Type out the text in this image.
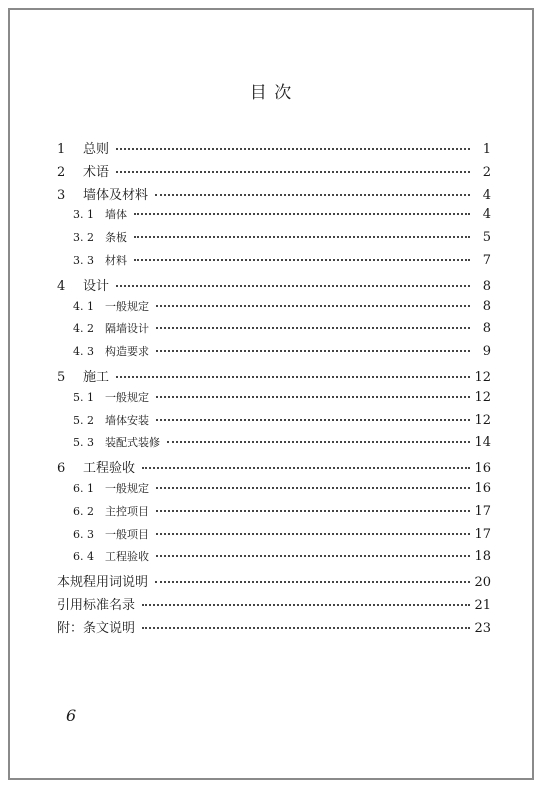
目 次
1	总则	1
2	术语	2
3	墙体及材料	4
3. 1	墙体	4
3. 2	条板	5
3. 3	材料	7
4	设计	8
4. 1	一般规定	8
4. 2	隔墙设计	8
4. 3	构造要求	9
5	施工	12
5. 1	一般规定	12
5. 2	墙体安装	12
5. 3	装配式装修	14
6	工程验收	16
6. 1	一般规定	16
6. 2	主控项目	17
6. 3	一般项目	17
6. 4	工程验收	18
本规程用词说明	20
引用标准名录	21
附：条文说明	23
6
